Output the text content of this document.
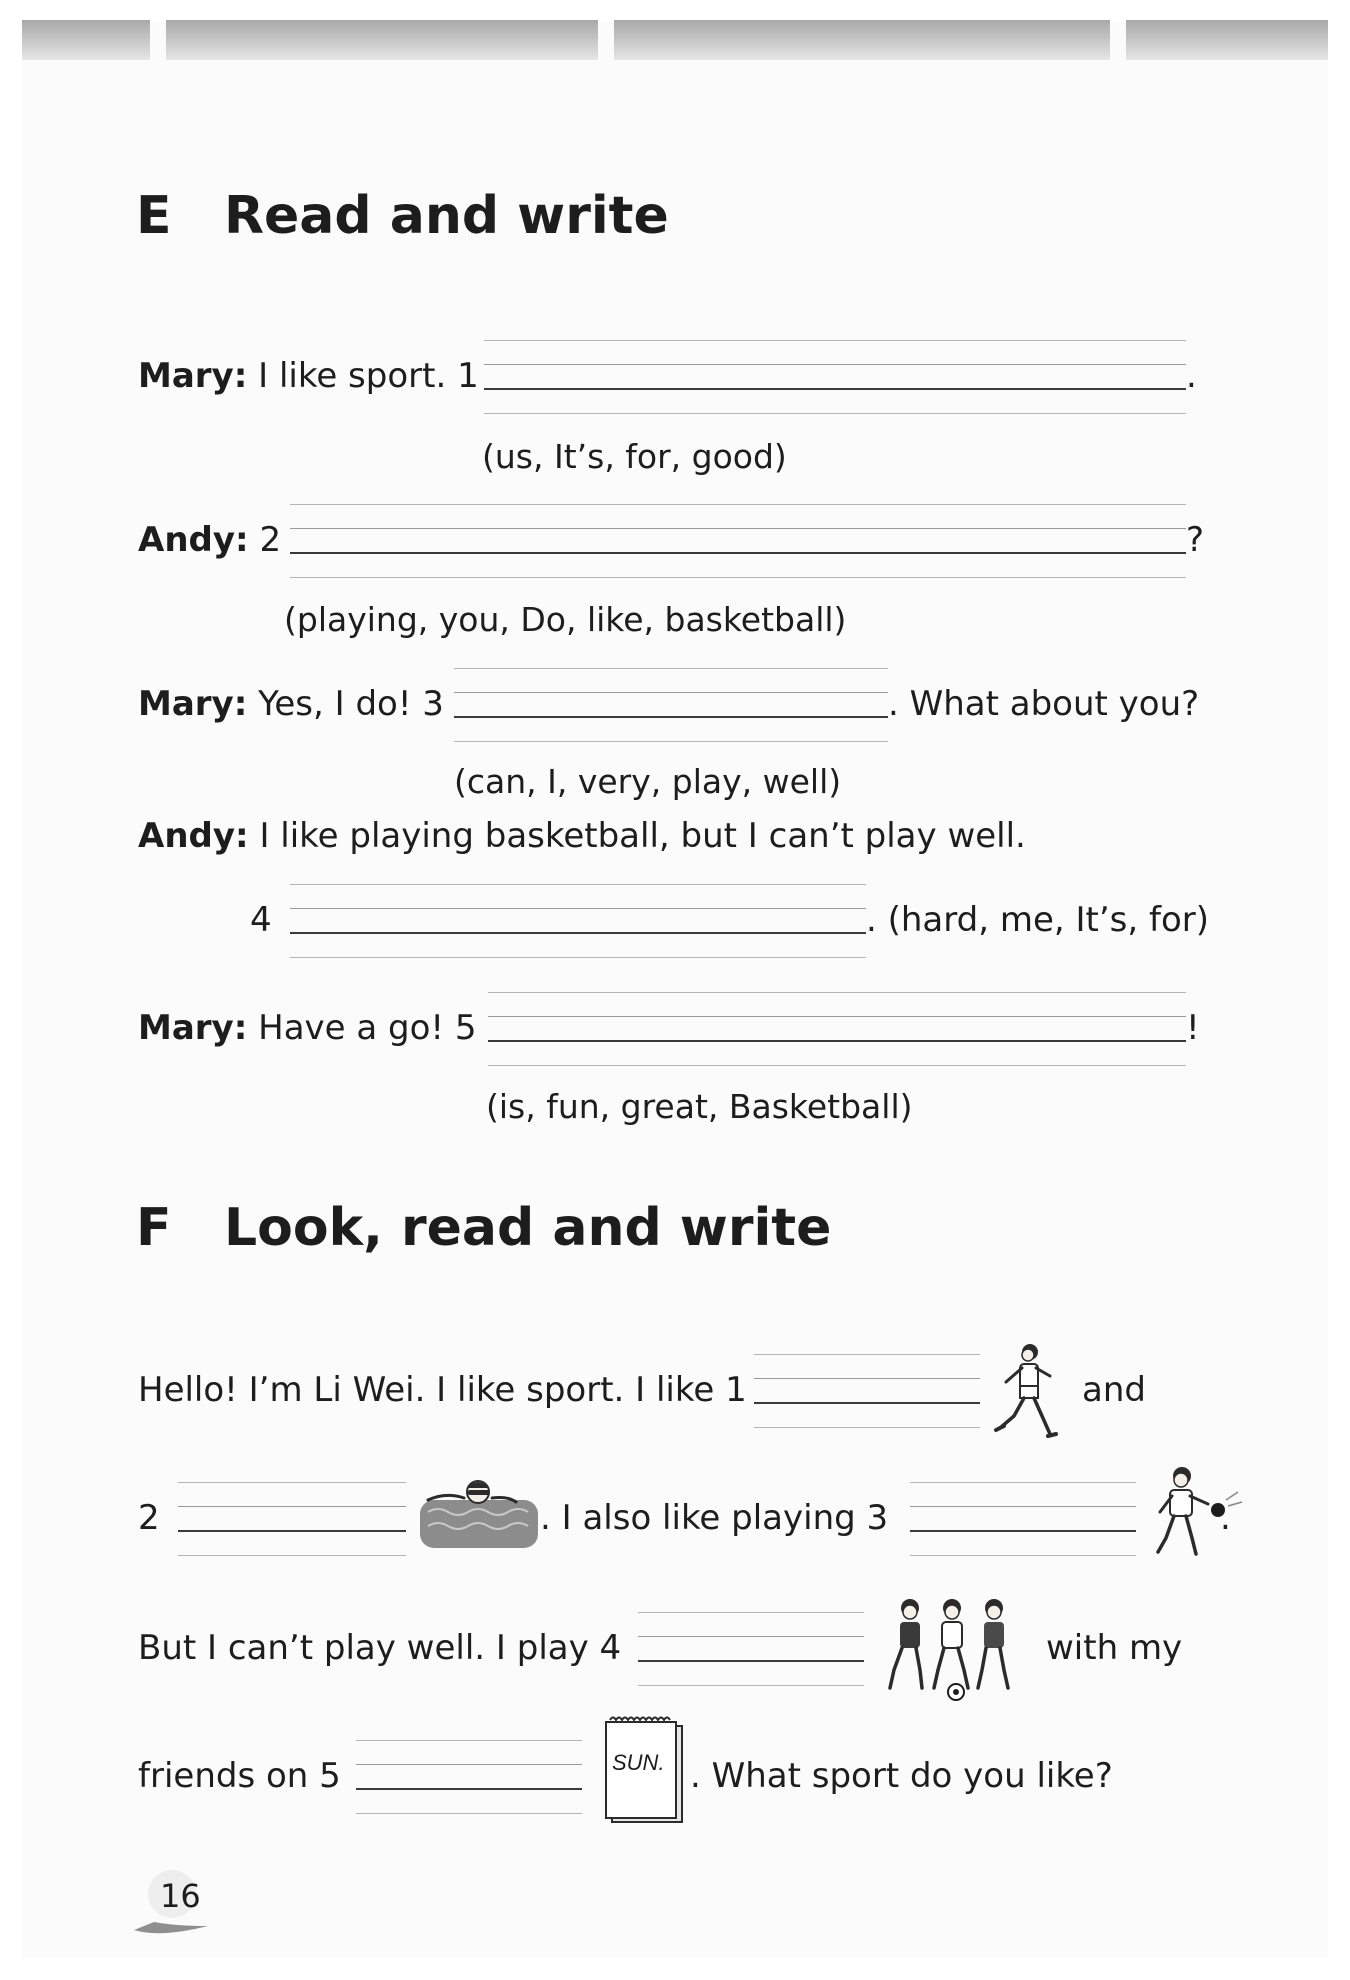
E Read and write
Mary: I like sport. 1	.
(us, It’s, for, good)
Andy: 2	?
(playing, you, Do, like, basketball)
Mary: Yes, I do! 3	. What about you?
(can, I, very, play, well)
Andy: I like playing basketball, but I can’t play well.
4	. (hard, me, It’s, for)
Mary: Have a go! 5	!
(is, fun, great, Basketball)
F Look, read and write
Hello! I’m Li Wei. I like sport. I like 1	and
2	. I also like playing 3	.
But I can’t play well. I play 4	with my
friends on 5	SUN. . What sport do you like?
16
